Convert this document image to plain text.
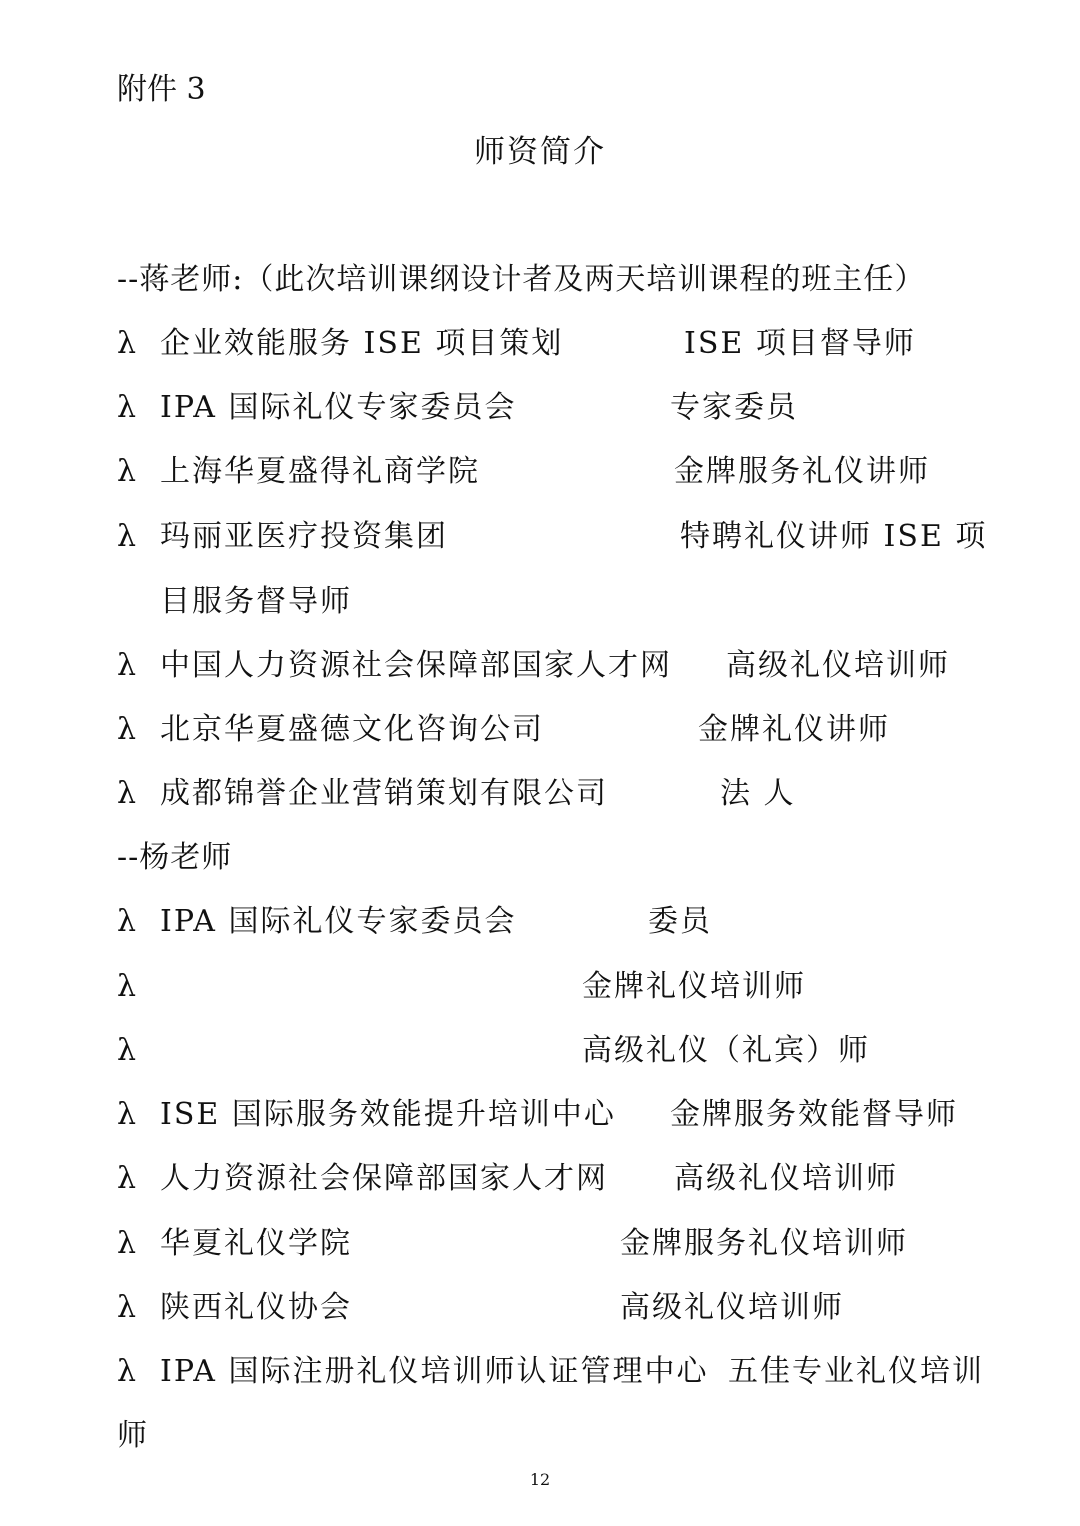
附件 3
师资简介
--蒋老师:（此次培训课纲设计者及两天培训课程的班主任）
λ 企业效能服务 ISE 项目策划	ISE 项目督导师
λ IPA 国际礼仪专家委员会	专家委员
λ 上海华夏盛得礼商学院	金牌服务礼仪讲师
λ 玛丽亚医疗投资集团	特聘礼仪讲师 ISE 项
目服务督导师
λ 中国人力资源社会保障部国家人才网 高级礼仪培训师
λ 北京华夏盛德文化咨询公司	金牌礼仪讲师
λ 成都锦誉企业营销策划有限公司	法 人
--杨老师
λ IPA 国际礼仪专家委员会	委员
λ	金牌礼仪培训师
λ	高级礼仪（礼宾）师
λ ISE 国际服务效能提升培训中心 金牌服务效能督导师
λ 人力资源社会保障部国家人才网 高级礼仪培训师
λ 华夏礼仪学院	金牌服务礼仪培训师
λ 陕西礼仪协会	高级礼仪培训师
λ IPA 国际注册礼仪培训师认证管理中心 五佳专业礼仪培训
师
12
